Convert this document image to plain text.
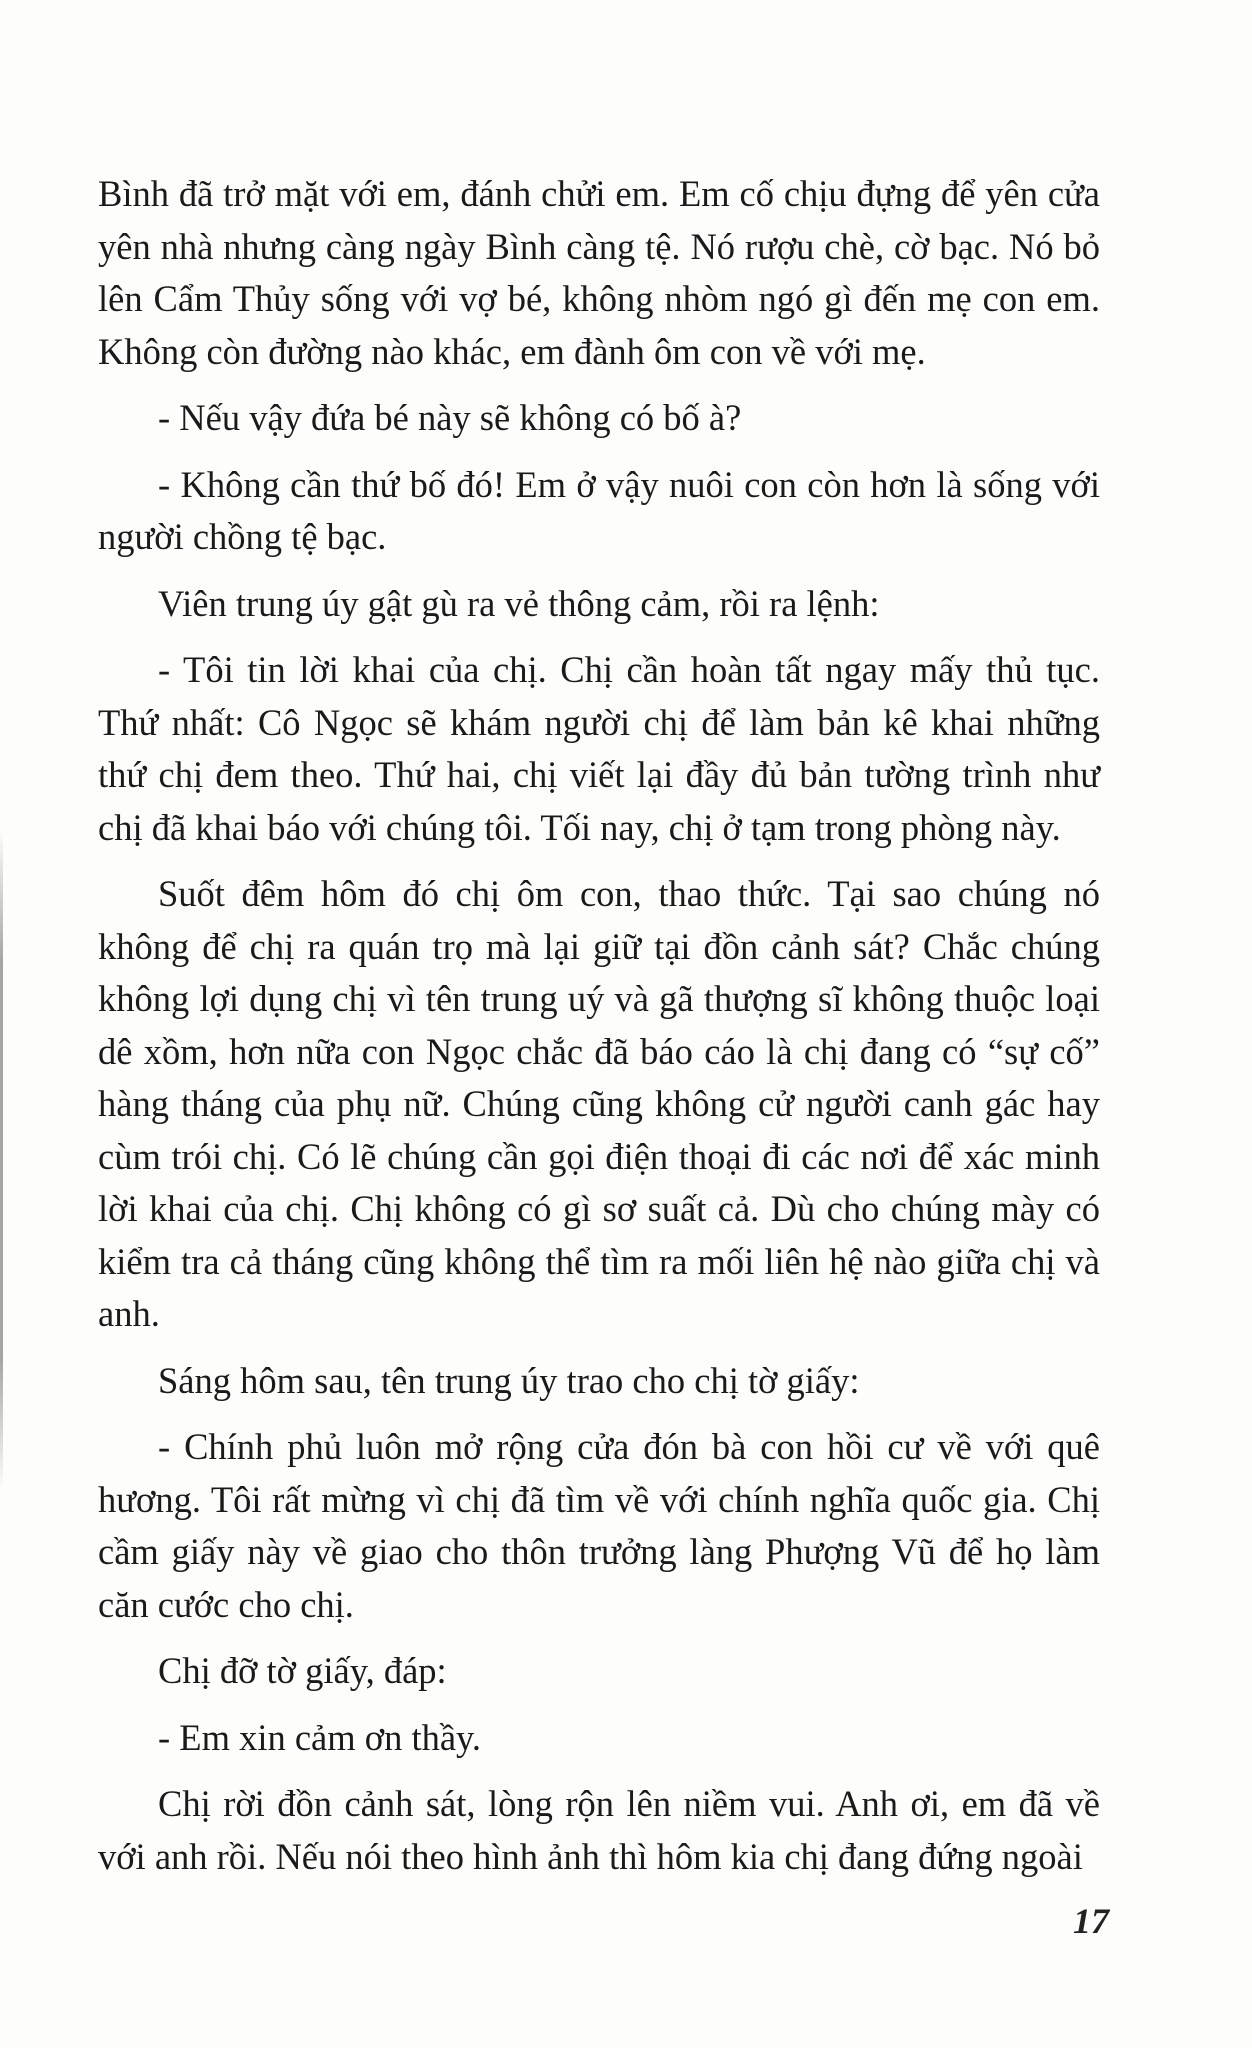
Bình đã trở mặt với em, đánh chửi em. Em cố chịu đựng để yên cửa yên nhà nhưng càng ngày Bình càng tệ. Nó rượu chè, cờ bạc. Nó bỏ lên Cẩm Thủy sống với vợ bé, không nhòm ngó gì đến mẹ con em. Không còn đường nào khác, em đành ôm con về với mẹ.

- Nếu vậy đứa bé này sẽ không có bố à?

- Không cần thứ bố đó! Em ở vậy nuôi con còn hơn là sống với người chồng tệ bạc.

Viên trung úy gật gù ra vẻ thông cảm, rồi ra lệnh:

- Tôi tin lời khai của chị. Chị cần hoàn tất ngay mấy thủ tục. Thứ nhất: Cô Ngọc sẽ khám người chị để làm bản kê khai những thứ chị đem theo. Thứ hai, chị viết lại đầy đủ bản tường trình như chị đã khai báo với chúng tôi. Tối nay, chị ở tạm trong phòng này.

Suốt đêm hôm đó chị ôm con, thao thức. Tại sao chúng nó không để chị ra quán trọ mà lại giữ tại đồn cảnh sát? Chắc chúng không lợi dụng chị vì tên trung uý và gã thượng sĩ không thuộc loại dê xồm, hơn nữa con Ngọc chắc đã báo cáo là chị đang có “sự cố” hàng tháng của phụ nữ. Chúng cũng không cử người canh gác hay cùm trói chị. Có lẽ chúng cần gọi điện thoại đi các nơi để xác minh lời khai của chị. Chị không có gì sơ suất cả. Dù cho chúng mày có kiểm tra cả tháng cũng không thể tìm ra mối liên hệ nào giữa chị và anh.

Sáng hôm sau, tên trung úy trao cho chị tờ giấy:

- Chính phủ luôn mở rộng cửa đón bà con hồi cư về với quê hương. Tôi rất mừng vì chị đã tìm về với chính nghĩa quốc gia. Chị cầm giấy này về giao cho thôn trưởng làng Phượng Vũ để họ làm căn cước cho chị.

Chị đỡ tờ giấy, đáp:

- Em xin cảm ơn thầy.

Chị rời đồn cảnh sát, lòng rộn lên niềm vui. Anh ơi, em đã về với anh rồi. Nếu nói theo hình ảnh thì hôm kia chị đang đứng ngoài

17
